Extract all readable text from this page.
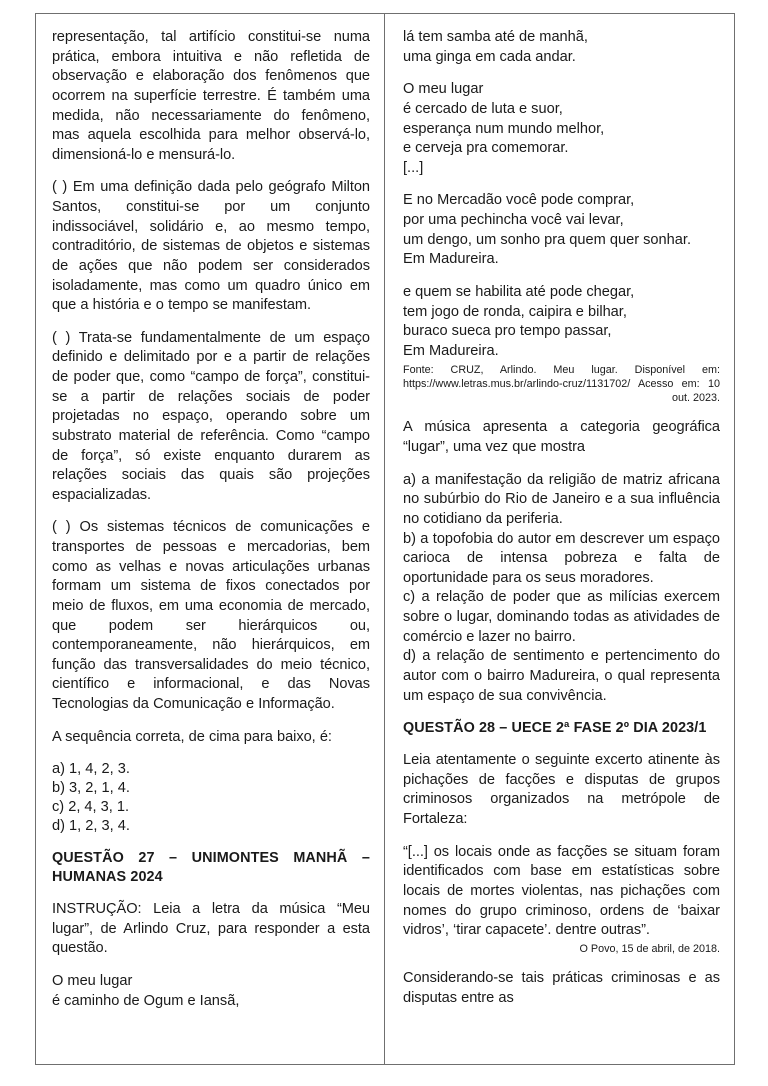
representação, tal artifício constitui-se numa prática, embora intuitiva e não refletida de observação e elaboração dos fenômenos que ocorrem na superfície terrestre. É também uma medida, não necessariamente do fenômeno, mas aquela escolhida para melhor observá-lo, dimensioná-lo e mensurá-lo.

( ) Em uma definição dada pelo geógrafo Milton Santos, constitui-se por um conjunto indissociável, solidário e, ao mesmo tempo, contraditório, de sistemas de objetos e sistemas de ações que não podem ser considerados isoladamente, mas como um quadro único em que a história e o tempo se manifestam.

( ) Trata-se fundamentalmente de um espaço definido e delimitado por e a partir de relações de poder que, como “campo de força”, constitui-se a partir de relações sociais de poder projetadas no espaço, operando sobre um substrato material de referência. Como “campo de força”, só existe enquanto durarem as relações sociais das quais são projeções espacializadas.

( ) Os sistemas técnicos de comunicações e transportes de pessoas e mercadorias, bem como as velhas e novas articulações urbanas formam um sistema de fixos conectados por meio de fluxos, em uma economia de mercado, que podem ser hierárquicos ou, contemporaneamente, não hierárquicos, em função das transversalidades do meio técnico, científico e informacional, e das Novas Tecnologias da Comunicação e Informação.

A sequência correta, de cima para baixo, é:

a) 1, 4, 2, 3.
b) 3, 2, 1, 4.
c) 2, 4, 3, 1.
d) 1, 2, 3, 4.

QUESTÃO 27 – UNIMONTES MANHÃ – HUMANAS 2024

INSTRUÇÃO: Leia a letra da música “Meu lugar”, de Arlindo Cruz, para responder a esta questão.

O meu lugar
é caminho de Ogum e Iansã,
lá tem samba até de manhã,
uma ginga em cada andar.
O meu lugar
é cercado de luta e suor,
esperança num mundo melhor,
e cerveja pra comemorar.
[...]
E no Mercadão você pode comprar,
por uma pechincha você vai levar,
um dengo, um sonho pra quem quer sonhar.
Em Madureira.
e quem se habilita até pode chegar,
tem jogo de ronda, caipira e bilhar,
buraco sueca pro tempo passar,
Em Madureira.

Fonte: CRUZ, Arlindo. Meu lugar. Disponível em: https://www.letras.mus.br/arlindo-cruz/1131702/ Acesso em: 10 out. 2023.

A música apresenta a categoria geográfica “lugar”, uma vez que mostra

a) a manifestação da religião de matriz africana no subúrbio do Rio de Janeiro e a sua influência no cotidiano da periferia.

b) a topofobia do autor em descrever um espaço carioca de intensa pobreza e falta de oportunidade para os seus moradores.

c) a relação de poder que as milícias exercem sobre o lugar, dominando todas as atividades de comércio e lazer no bairro.

d) a relação de sentimento e pertencimento do autor com o bairro Madureira, o qual representa um espaço de sua convivência.

QUESTÃO 28 – UECE 2ª FASE 2º DIA 2023/1

Leia atentamente o seguinte excerto atinente às pichações de facções e disputas de grupos criminosos organizados na metrópole de Fortaleza:

“[...] os locais onde as facções se situam foram identificados com base em estatísticas sobre locais de mortes violentas, nas pichações com nomes do grupo criminoso, ordens de ‘baixar vidros’, ‘tirar capacete’. dentre outras”.

O Povo, 15 de abril, de 2018.

Considerando-se tais práticas criminosas e as disputas entre as
